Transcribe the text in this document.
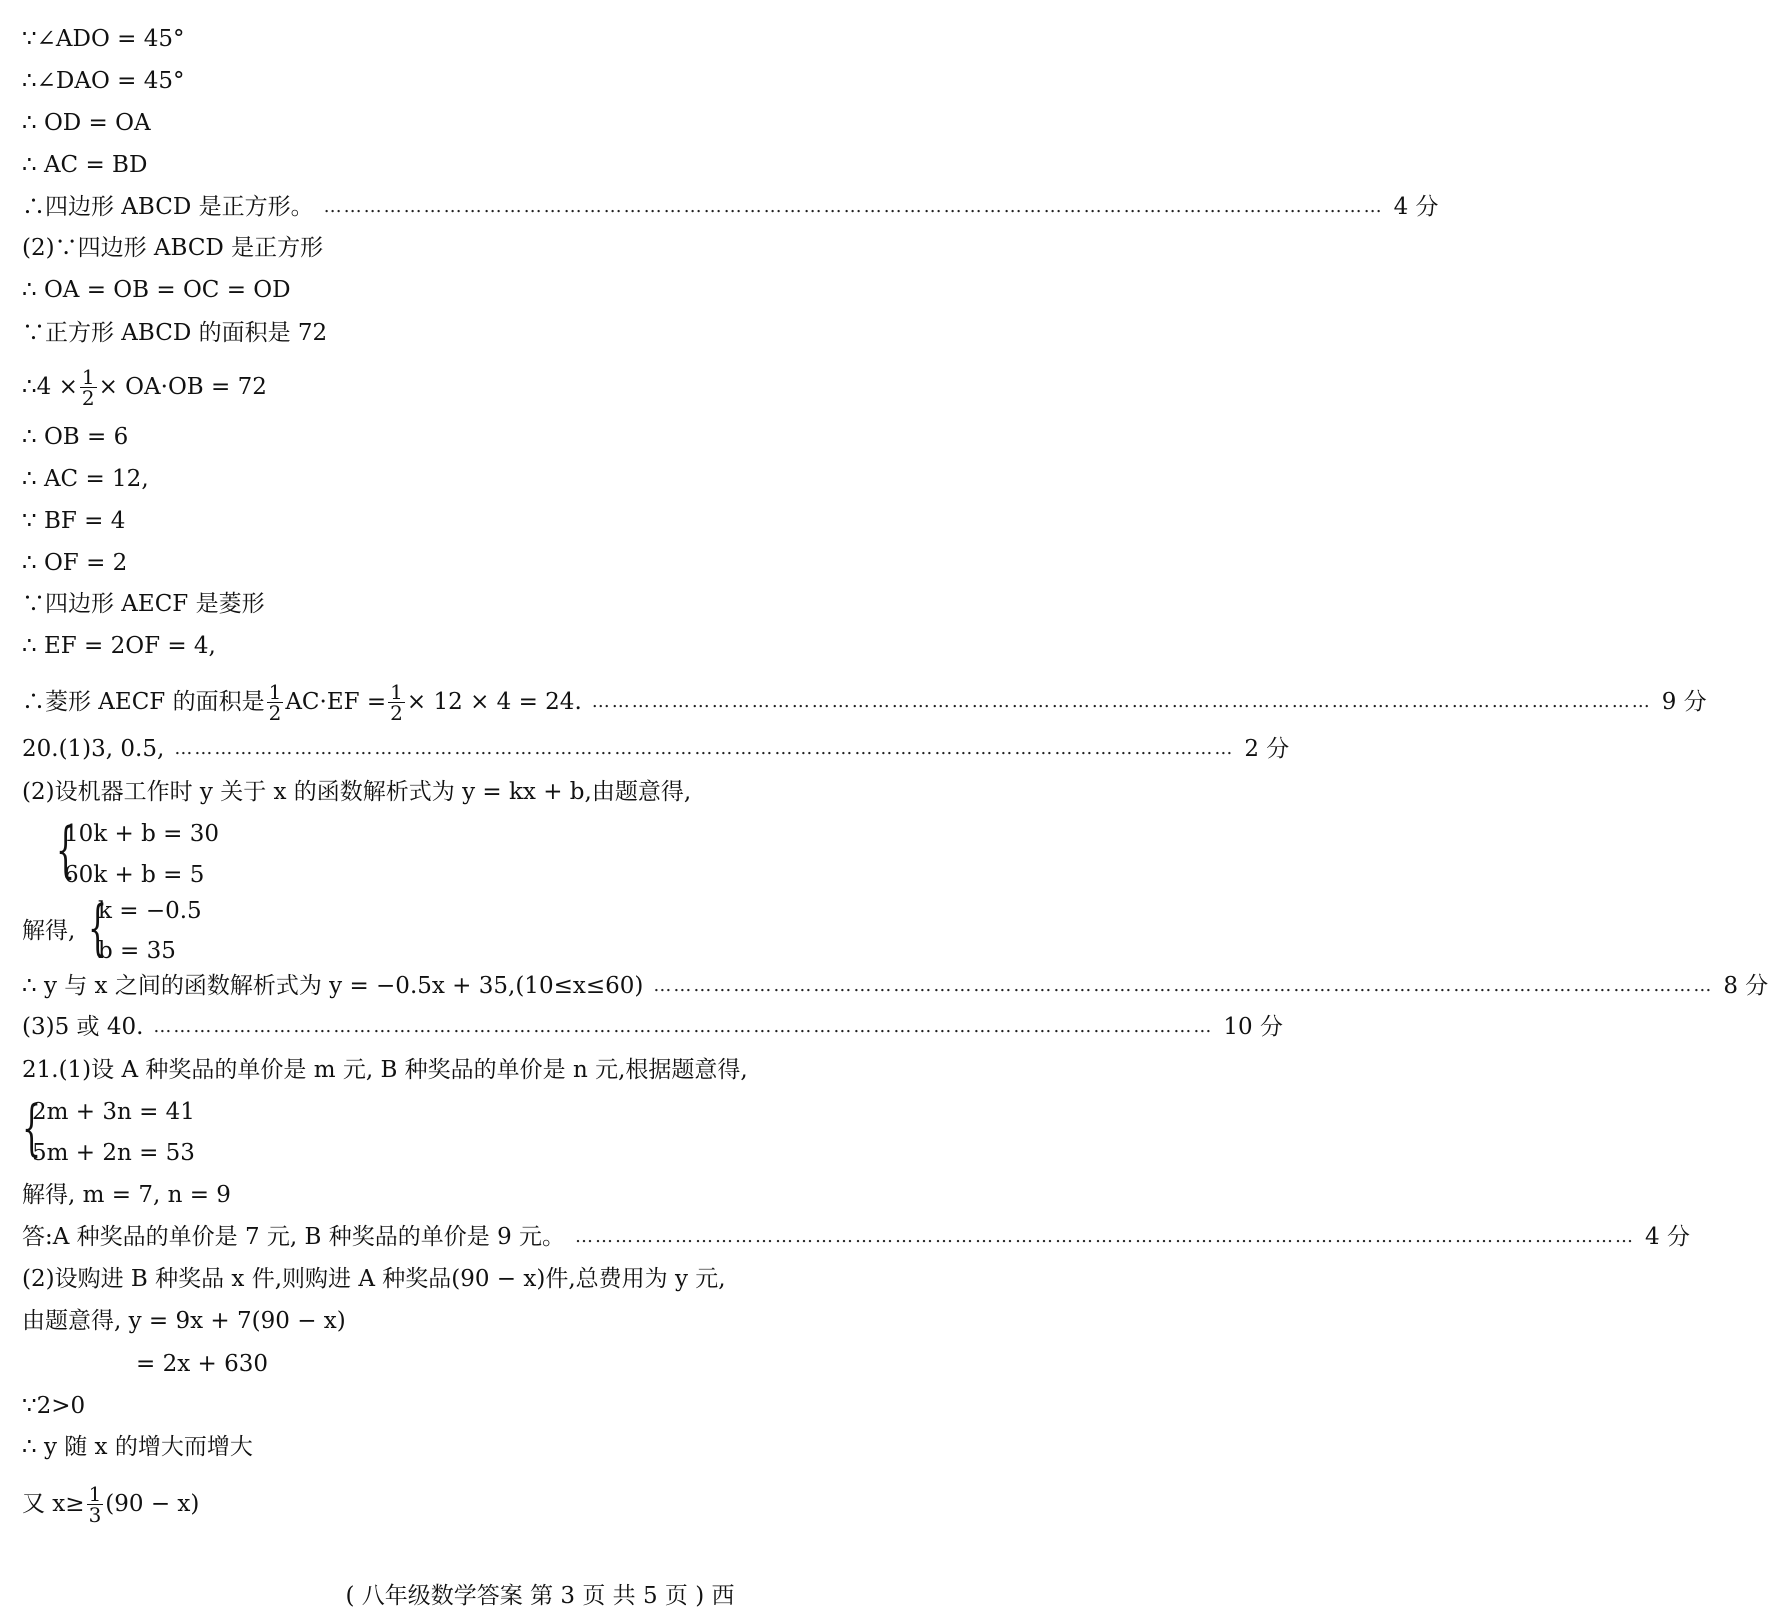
∵∠ADO = 45°
∴∠DAO = 45°
∴ OD = OA
∴ AC = BD
∴四边形 ABCD 是正方形。 …………………………………………………………………………………………………………………………………………… 4 分
(2)∵四边形 ABCD 是正方形
∴ OA = OB = OC = OD
∵正方形 ABCD 的面积是 72
∴4 × $\frac{1}{2} \times OA\cdot OB = 72$
∴ OB = 6
∴ AC = 12,
∵ BF = 4
∴ OF = 2
∵四边形 AECF 是菱形
∴ EF = 2OF = 4,
∴菱形 AECF 的面积是 $\frac{1}{2} AC\cdot EF = \frac{1}{2} \times 12 \times 4 = 24$. …………………………………………………………………………………………………………………………………………… 9 分
20.(1)3, 0.5, …………………………………………………………………………………………………………………………………………… 2 分
(2)设机器工作时 y 关于 x 的函数解析式为 y = kx + b,由题意得,
{
10k + b = 30
60k + b = 5
解得, {
k = −0.5
b = 35
∴ y 与 x 之间的函数解析式为 y = −0.5x + 35,(10≤x≤60) …………………………………………………………………………………………………………………………………………… 8 分
(3)5 或 40. …………………………………………………………………………………………………………………………………………… 10 分
21.(1)设 A 种奖品的单价是 m 元, B 种奖品的单价是 n 元,根据题意得,
{
2m + 3n = 41
5m + 2n = 53
解得, m = 7, n = 9
答:A 种奖品的单价是 7 元, B 种奖品的单价是 9 元。 …………………………………………………………………………………………………………………………………………… 4 分
(2)设购进 B 种奖品 x 件,则购进 A 种奖品(90 − x)件,总费用为 y 元,
由题意得, y = 9x + 7(90 − x)
= 2x + 630
∵2>0
∴ y 随 x 的增大而增大
又 $x\ge \frac{1}{3} (90 - x)$
( 八年级数学答案 第 3 页 共 5 页 ) 西
